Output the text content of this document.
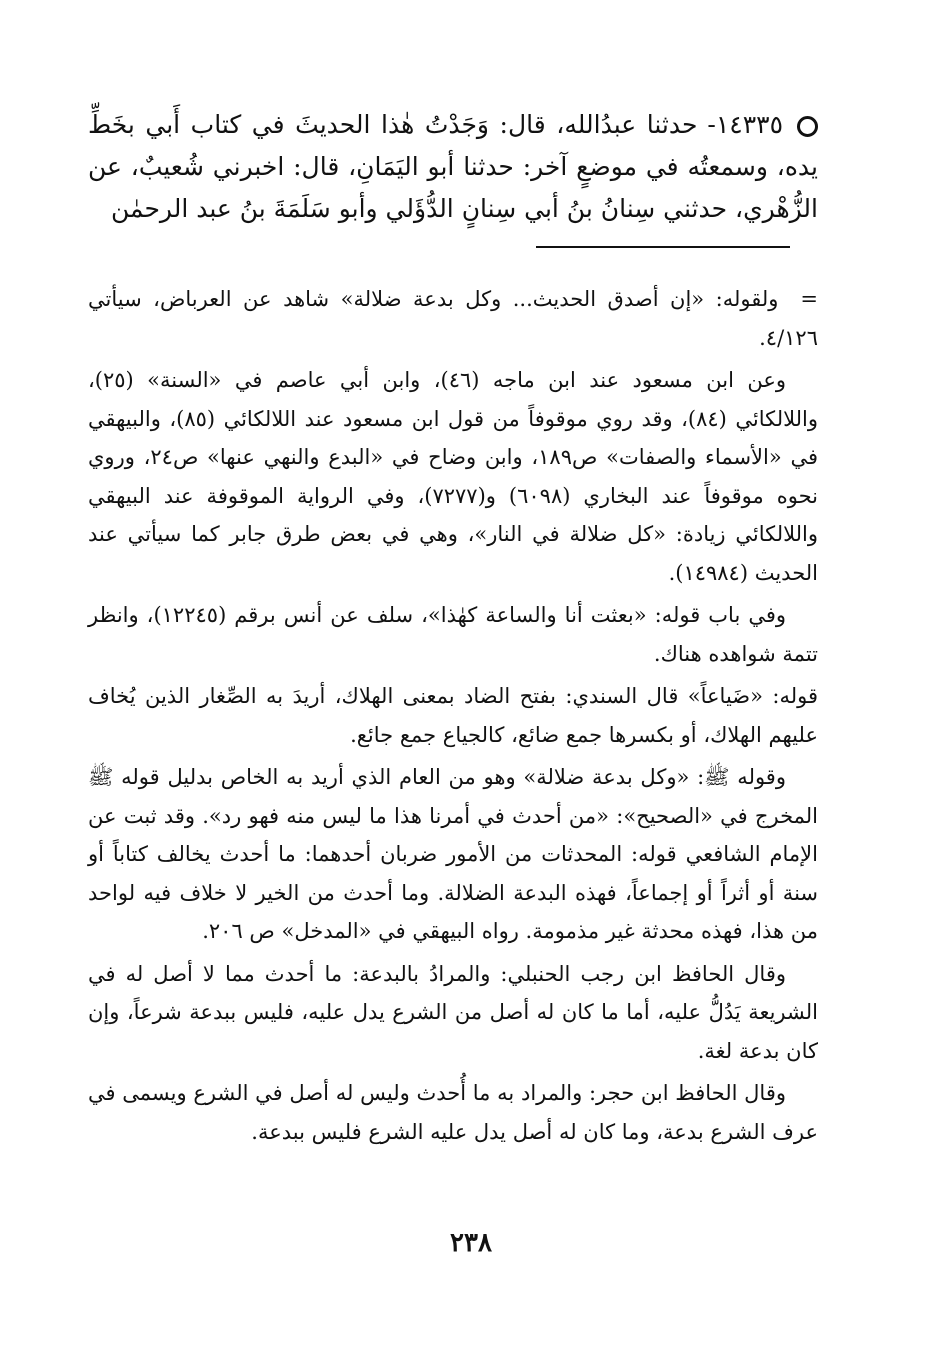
١٤٣٣٥-حدثنا عبدُالله، قال: وَجَدْتُ هٰذا الحديثَ في كتاب أَبي بخَطِّ يده، وسمعتُه في موضعٍ آخر: حدثنا أبو اليَمَانِ، قال: اخبرني شُعيبٌ، عن الزُّهْري، حدثني سِنانُ بنُ أبي سِنانٍ الدُّؤَلي وأبو سَلَمَةَ بنُ عبد الرحمٰن

=ولقوله: «إن أصدق الحديث... وكل بدعة ضلالة» شاهد عن العرباض، سيأتي ٤/١٢٦.

وعن ابن مسعود عند ابن ماجه (٤٦)، وابن أبي عاصم في «السنة» (٢٥)، واللالكائي (٨٤)، وقد روي موقوفاً من قول ابن مسعود عند اللالكائي (٨٥)، والبيهقي في «الأسماء والصفات» ص١٨٩، وابن وضاح في «البدع والنهي عنها» ص٢٤، وروي نحوه موقوفاً عند البخاري (٦٠٩٨) و(٧٢٧٧)، وفي الرواية الموقوفة عند البيهقي واللالكائي زيادة: «كل ضلالة في النار»، وهي في بعض طرق جابر كما سيأتي عند الحديث (١٤٩٨٤).

وفي باب قوله: «بعثت أنا والساعة كهٰذا»، سلف عن أنس برقم (١٢٢٤٥)، وانظر تتمة شواهده هناك.

قوله: «ضَياعاً» قال السندي: بفتح الضاد بمعنى الهلاك، أريدَ به الصِّغار الذين يُخاف عليهم الهلاك، أو بكسرها جمع ضائع، كالجياع جمع جائع.

وقوله ﷺ: «وكل بدعة ضلالة» وهو من العام الذي أريد به الخاص بدليل قوله ﷺ المخرج في «الصحيح»: «من أحدث في أمرنا هذا ما ليس منه فهو رد». وقد ثبت عن الإمام الشافعي قوله: المحدثات من الأمور ضربان أحدهما: ما أحدث يخالف كتاباً أو سنة أو أثراً أو إجماعاً، فهذه البدعة الضلالة. وما أحدث من الخير لا خلاف فيه لواحد من هذا، فهذه محدثة غير مذمومة. رواه البيهقي في «المدخل» ص ٢٠٦.

وقال الحافظ ابن رجب الحنبلي: والمرادُ بالبدعة: ما أحدث مما لا أصل له في الشريعة يَدُلُّ عليه، أما ما كان له أصل من الشرع يدل عليه، فليس ببدعة شرعاً، وإن كان بدعة لغة.

وقال الحافظ ابن حجر: والمراد به ما أُحدث وليس له أصل في الشرع ويسمى في عرف الشرع بدعة، وما كان له أصل يدل عليه الشرع فليس ببدعة.

٢٣٨
